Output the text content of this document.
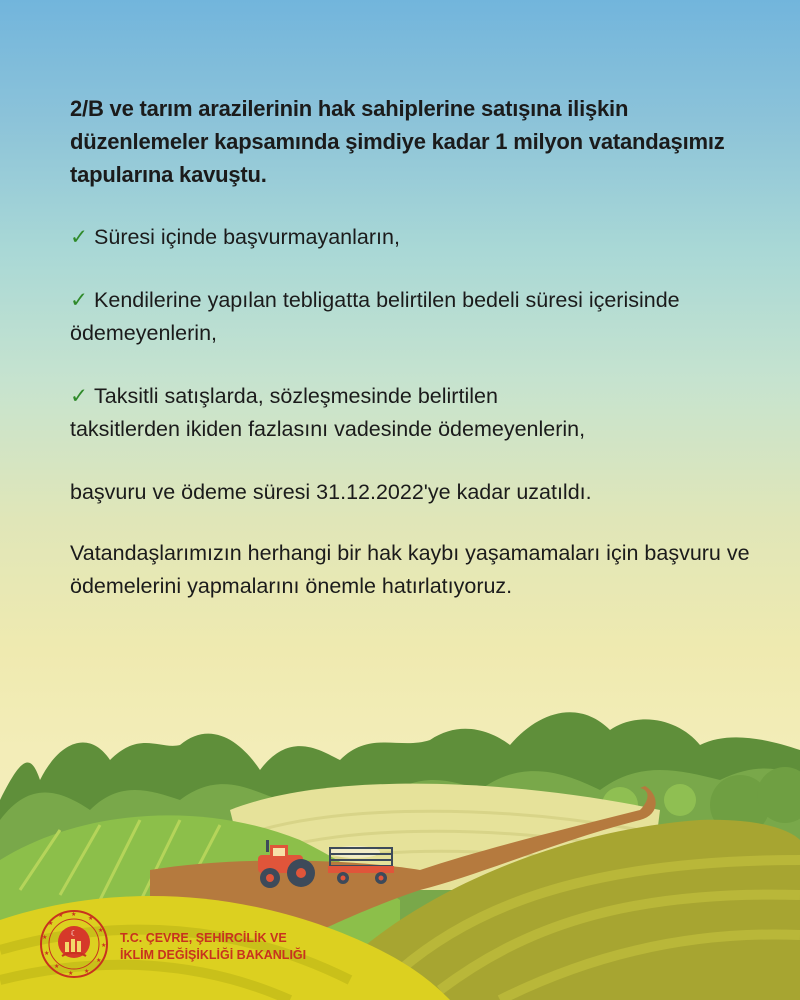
2/B ve tarım arazilerinin hak sahiplerine satışına ilişkin düzenlemeler kapsamında şimdiye kadar 1 milyon vatandaşımız tapularına kavuştu.

✓ Süresi içinde başvurmayanların,

✓ Kendilerine yapılan tebligatta belirtilen bedeli süresi içerisinde ödemeyenlerin,

✓ Taksitli satışlarda, sözleşmesinde belirtilen taksitlerden ikiden fazlasını vadesinde ödemeyenlerin,

başvuru ve ödeme süresi 31.12.2022'ye kadar uzatıldı.

Vatandaşlarımızın herhangi bir hak kaybı yaşamamaları için başvuru ve ödemelerini yapmalarını önemle hatırlatıyoruz.

☾
★
★
★
★
★
★
★
★
★
★
★
★
T.C. ÇEVRE, ŞEHİRCİLİK VE
İKLİM DEĞİŞİKLİĞİ BAKANLIĞI
